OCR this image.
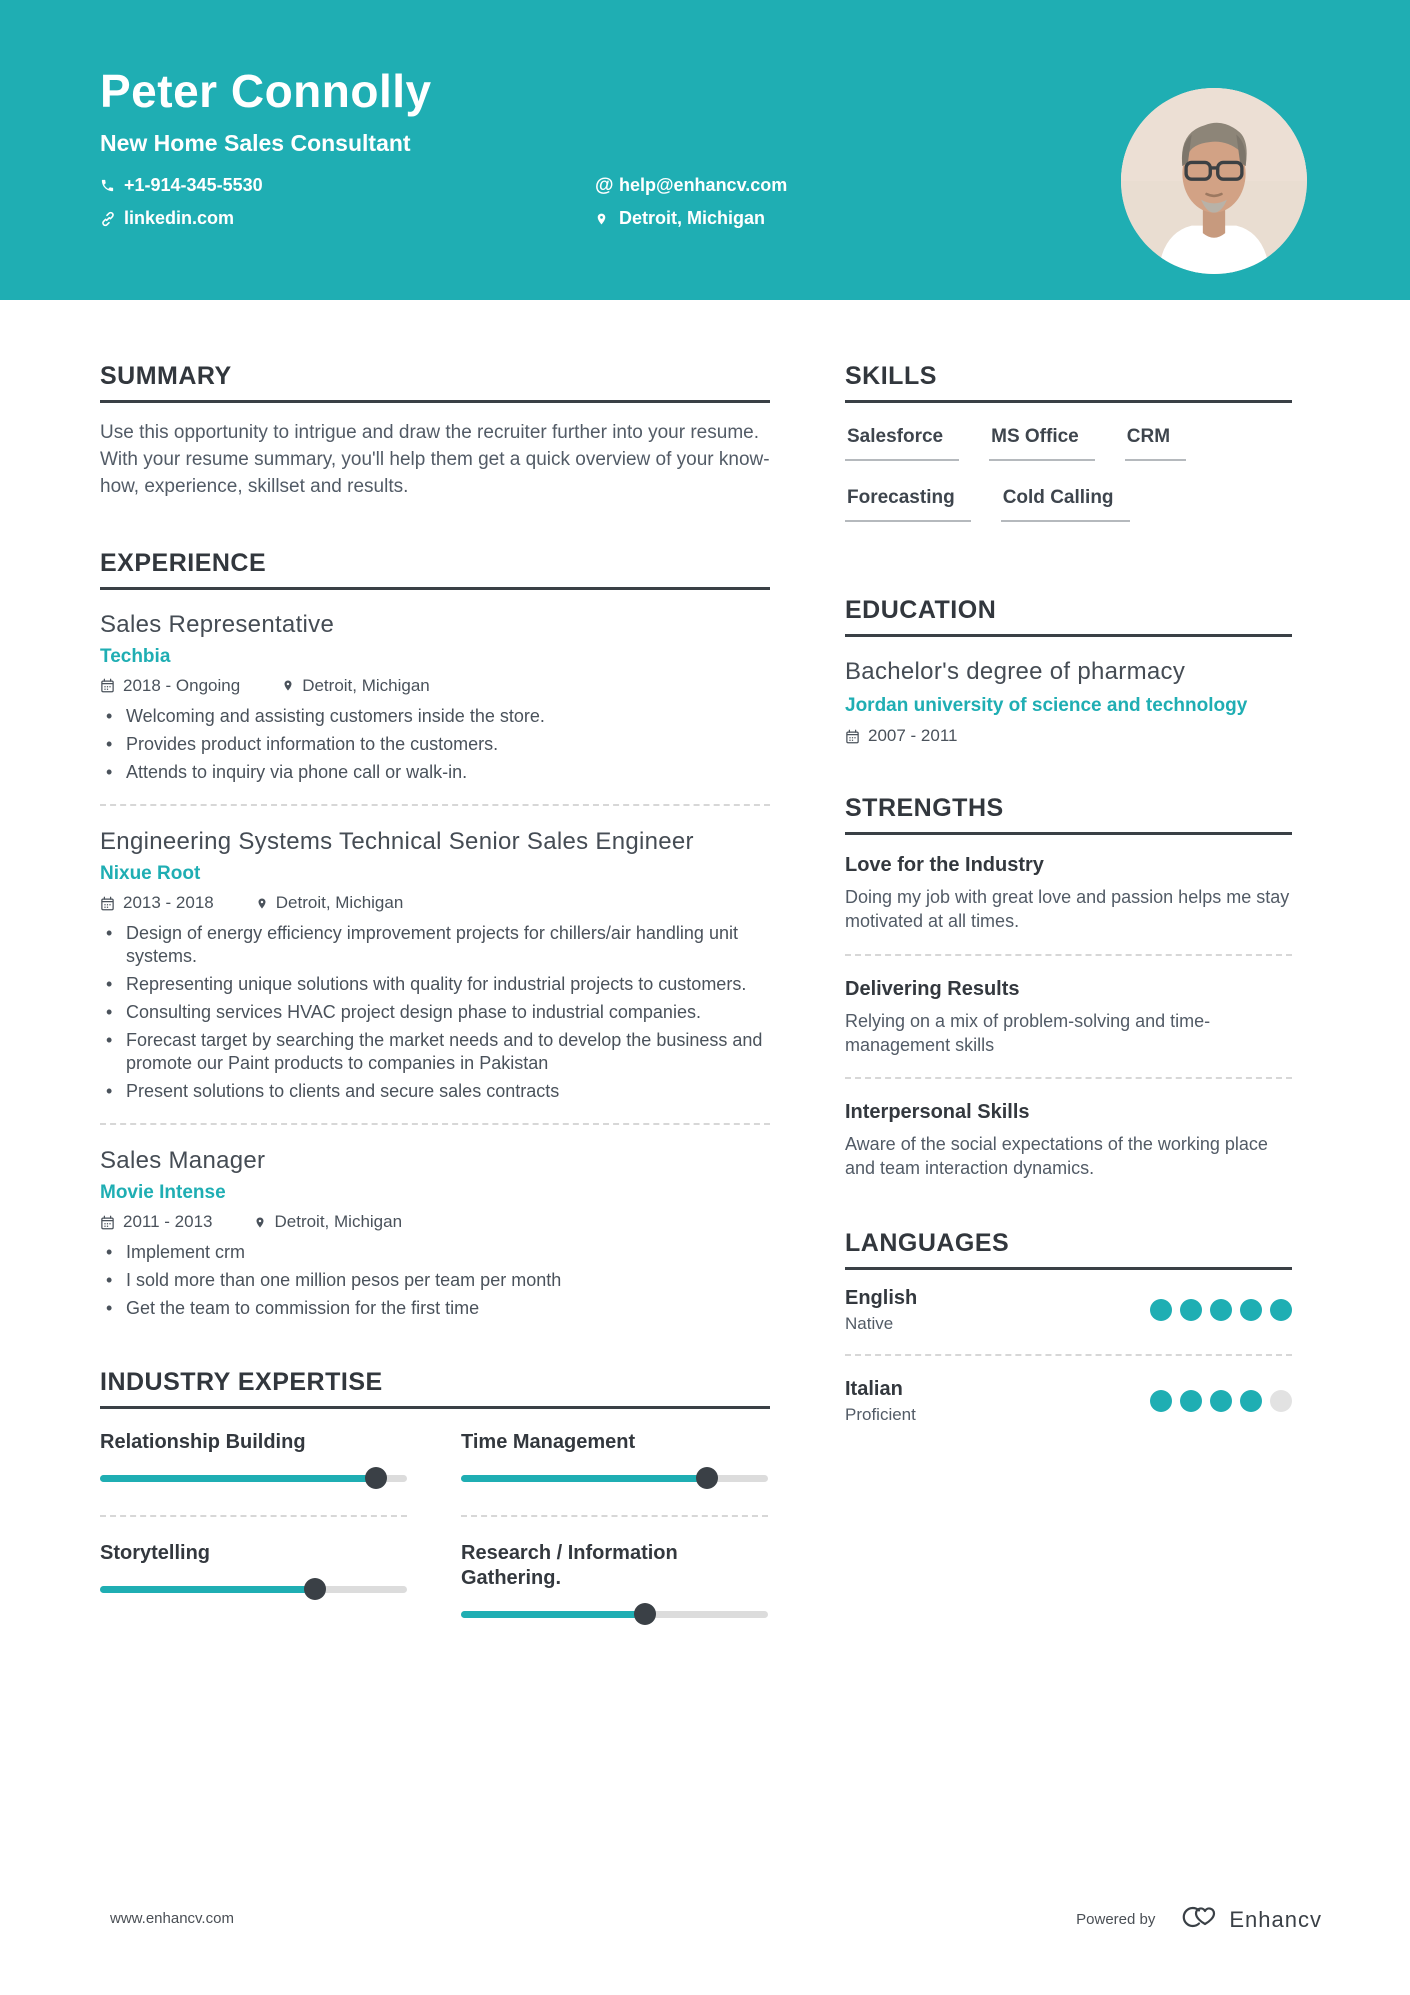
Peter Connolly
New Home Sales Consultant
+1-914-345-5530
linkedin.com
@ help@enhancv.com
Detroit, Michigan
SUMMARY

Use this opportunity to intrigue and draw the recruiter further into your resume. With your resume summary, you'll help them get a quick overview of your know-how, experience, skillset and results.

EXPERIENCE
Sales Representative
Techbia
2018 - Ongoing	Detroit, Michigan
• Welcoming and assisting customers inside the store.
• Provides product information to the customers.
• Attends to inquiry via phone call or walk-in.
Engineering Systems Technical Senior Sales Engineer
Nixue Root
2013 - 2018	Detroit, Michigan
• Design of energy efficiency improvement projects for chillers/air handling unit systems.
• Representing unique solutions with quality for industrial projects to customers.
• Consulting services HVAC project design phase to industrial companies.
• Forecast target by searching the market needs and to develop the business and promote our Paint products to companies in Pakistan
• Present solutions to clients and secure sales contracts
Sales Manager
Movie Intense
2011 - 2013	Detroit, Michigan
• Implement crm
• I sold more than one million pesos per team per month
• Get the team to commission for the first time
INDUSTRY EXPERTISE
Relationship Building	Time Management
Storytelling	Research / Information Gathering.
SKILLS
Salesforce	MS Office	CRM
Forecasting	Cold Calling
EDUCATION
Bachelor's degree of pharmacy
Jordan university of science and technology
2007 - 2011
STRENGTHS
Love for the Industry

Doing my job with great love and passion helps me stay motivated at all times.

Delivering Results

Relying on a mix of problem-solving and time-management skills

Interpersonal Skills

Aware of the social expectations of the working place and team interaction dynamics.

LANGUAGES
English
Native
Italian
Proficient
www.enhancv.com	Powered by	Enhancv
